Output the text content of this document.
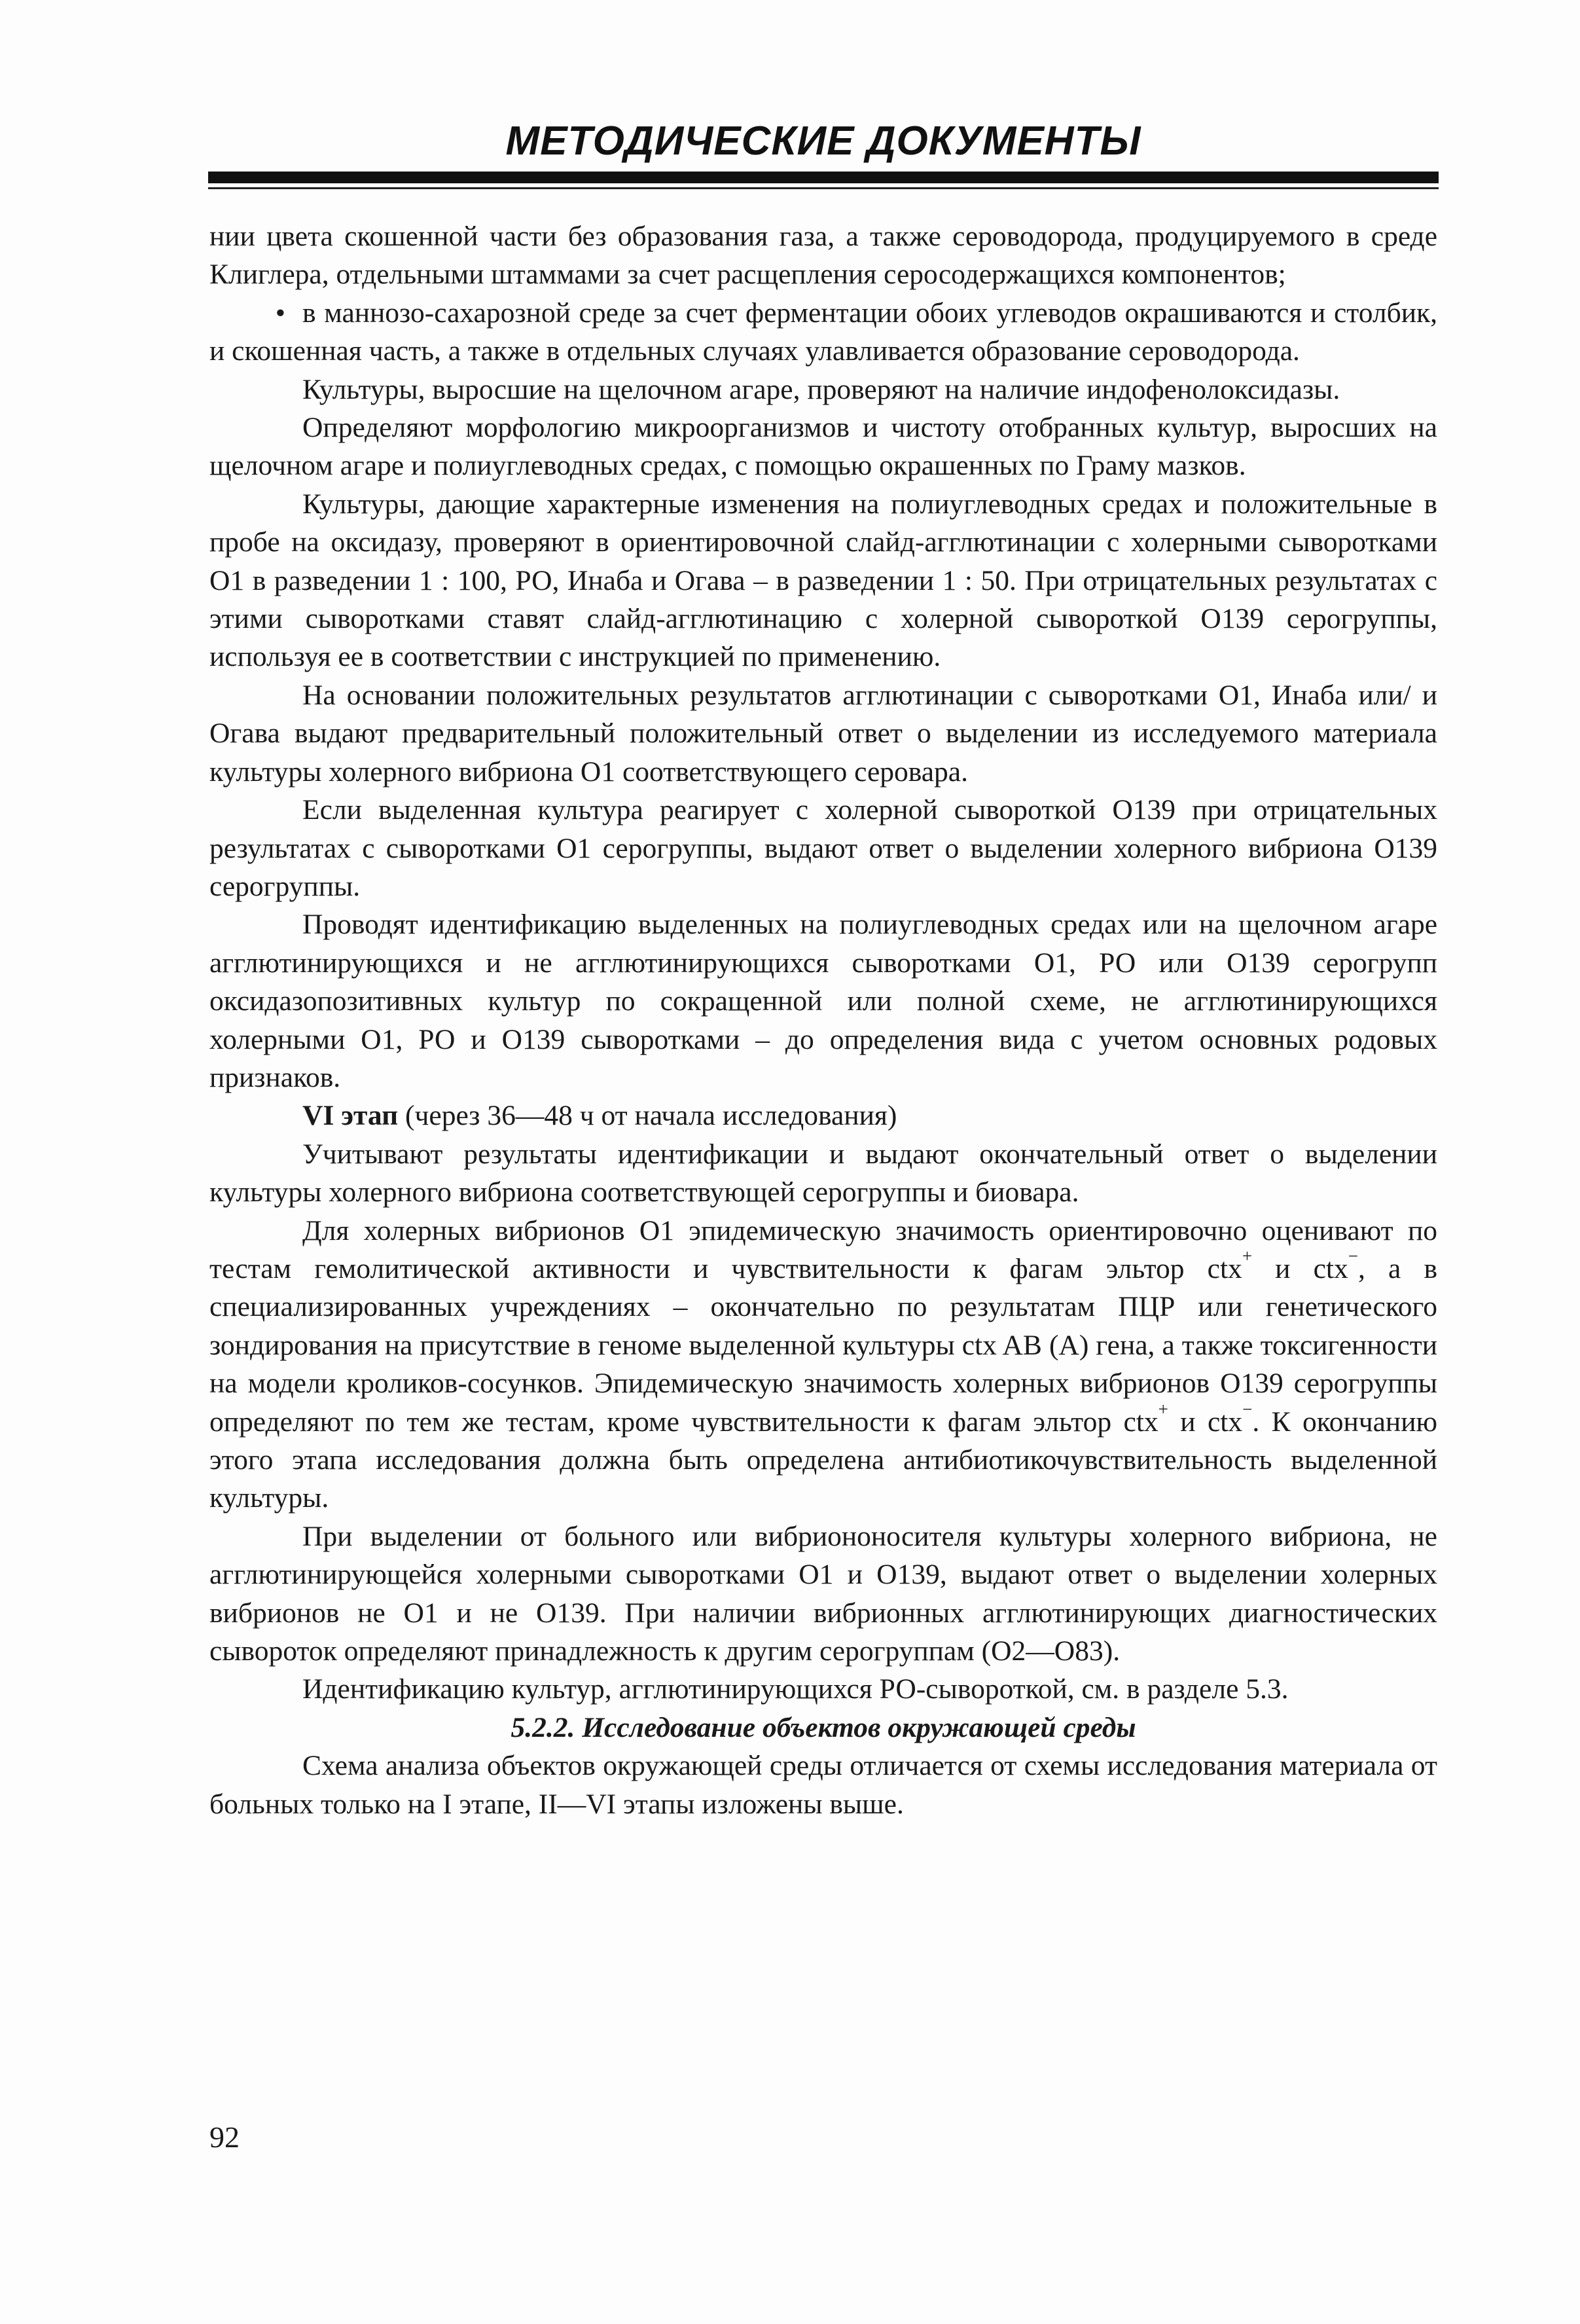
МЕТОДИЧЕСКИЕ ДОКУМЕНТЫ

нии цвета скошенной части без образования газа, а также сероводорода, продуцируемого в среде Клиглера, отдельными штаммами за счет расщепления серосодержащихся компонентов;

• в маннозо-сахарозной среде за счет ферментации обоих углеводов окрашиваются и столбик, и скошенная часть, а также в отдельных случаях улавливается образование сероводорода.

Культуры, выросшие на щелочном агаре, проверяют на наличие индофенолоксидазы.

Определяют морфологию микроорганизмов и чистоту отобранных культур, выросших на щелочном агаре и полиуглеводных средах, с помощью окрашенных по Граму мазков.

Культуры, дающие характерные изменения на полиуглеводных средах и положительные в пробе на оксидазу, проверяют в ориентировочной слайд-агглютинации с холерными сыворотками O1 в разведении 1 : 100, РО, Инаба и Огава – в разведении 1 : 50. При отрицательных результатах с этими сыворотками ставят слайд-агглютинацию с холерной сывороткой O139 серогруппы, используя ее в соответствии с инструкцией по применению.

На основании положительных результатов агглютинации с сыворотками O1, Инаба или/ и Огава выдают предварительный положительный ответ о выделении из исследуемого материала культуры холерного вибриона O1 соответствующего серовара.

Если выделенная культура реагирует с холерной сывороткой O139 при отрицательных результатах с сыворотками O1 серогруппы, выдают ответ о выделении холерного вибриона O139 серогруппы.

Проводят идентификацию выделенных на полиуглеводных средах или на щелочном агаре агглютинирующихся и не агглютинирующихся сыворотками O1, РО или O139 серогрупп оксидазопозитивных культур по сокращенной или полной схеме, не агглютинирующихся холерными O1, РО и O139 сыворотками – до определения вида с учетом основных родовых признаков.

VI этап (через 36—48 ч от начала исследования)

Учитывают результаты идентификации и выдают окончательный ответ о выделении культуры холерного вибриона соответствующей серогруппы и биовара.

Для холерных вибрионов O1 эпидемическую значимость ориентировочно оценивают по тестам гемолитической активности и чувствительности к фагам эльтор ctx+ и ctx−, а в специализированных учреждениях – окончательно по результатам ПЦР или генетического зондирования на присутствие в геноме выделенной культуры ctx AB (A) гена, а также токсигенности на модели кроликов-сосунков. Эпидемическую значимость холерных вибрионов O139 серогруппы определяют по тем же тестам, кроме чувствительности к фагам эльтор ctx+ и ctx−. К окончанию этого этапа исследования должна быть определена антибиотикочувствительность выделенной культуры.

При выделении от больного или вибриононосителя культуры холерного вибриона, не агглютинирующейся холерными сыворотками O1 и O139, выдают ответ о выделении холерных вибрионов не O1 и не O139. При наличии вибрионных агглютинирующих диагностических сывороток определяют принадлежность к другим серогруппам (O2—O83).

Идентификацию культур, агглютинирующихся РО-сывороткой, см. в разделе 5.3.

5.2.2. Исследование объектов окружающей среды

Схема анализа объектов окружающей среды отличается от схемы исследования материала от больных только на I этапе, II—VI этапы изложены выше.

92
